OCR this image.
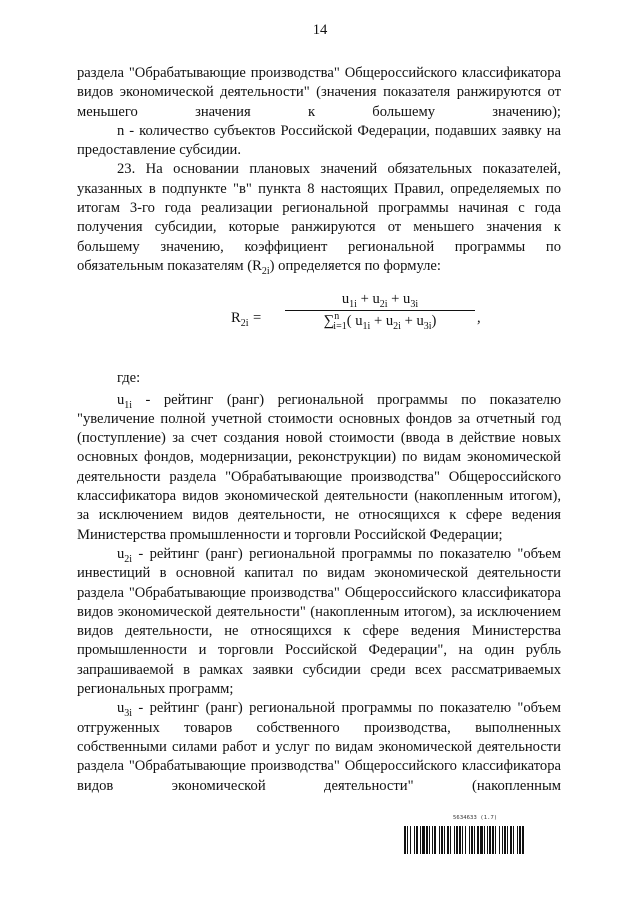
14

раздела "Обрабатывающие производства" Общероссийского классификатора видов экономической деятельности" (значения показателя ранжируются от меньшего значения к большему значению);

n - количество субъектов Российской Федерации, подавших заявку на предоставление субсидии.

23. На основании плановых значений обязательных показателей, указанных в подпункте "в" пункта 8 настоящих Правил, определяемых по итогам 3-го года реализации региональной программы начиная с года получения субсидии, которые ранжируются от меньшего значения к большему значению, коэффициент региональной программы по обязательным показателям $(R_{2i})$ определяется по формуле:

$R_{2i} = \frac{u_{1i} + u_{2i} + u_{3i}}{\sum^n_{i=1}( u_{1i} + u_{2i} + u_{3i})}$ ,

где:

$u_{1i}$ - рейтинг (ранг) региональной программы по показателю "увеличение полной учетной стоимости основных фондов за отчетный год (поступление) за счет создания новой стоимости (ввода в действие новых основных фондов, модернизации, реконструкции) по видам экономической деятельности раздела "Обрабатывающие производства" Общероссийского классификатора видов экономической деятельности (накопленным итогом), за исключением видов деятельности, не относящихся к сфере ведения Министерства промышленности и торговли Российской Федерации;

$u_{2i}$ - рейтинг (ранг) региональной программы по показателю "объем инвестиций в основной капитал по видам экономической деятельности раздела "Обрабатывающие производства" Общероссийского классификатора видов экономической деятельности" (накопленным итогом), за исключением видов деятельности, не относящихся к сфере ведения Министерства промышленности и торговли Российской Федерации", на один рубль запрашиваемой в рамках заявки субсидии среди всех рассматриваемых региональных программ;

$u_{3i}$ - рейтинг (ранг) региональной программы по показателю "объем отгруженных товаров собственного производства, выполненных собственными силами работ и услуг по видам экономической деятельности раздела "Обрабатывающие производства" Общероссийского классификатора видов экономической деятельности" (накопленным

5634633 (1.7)
